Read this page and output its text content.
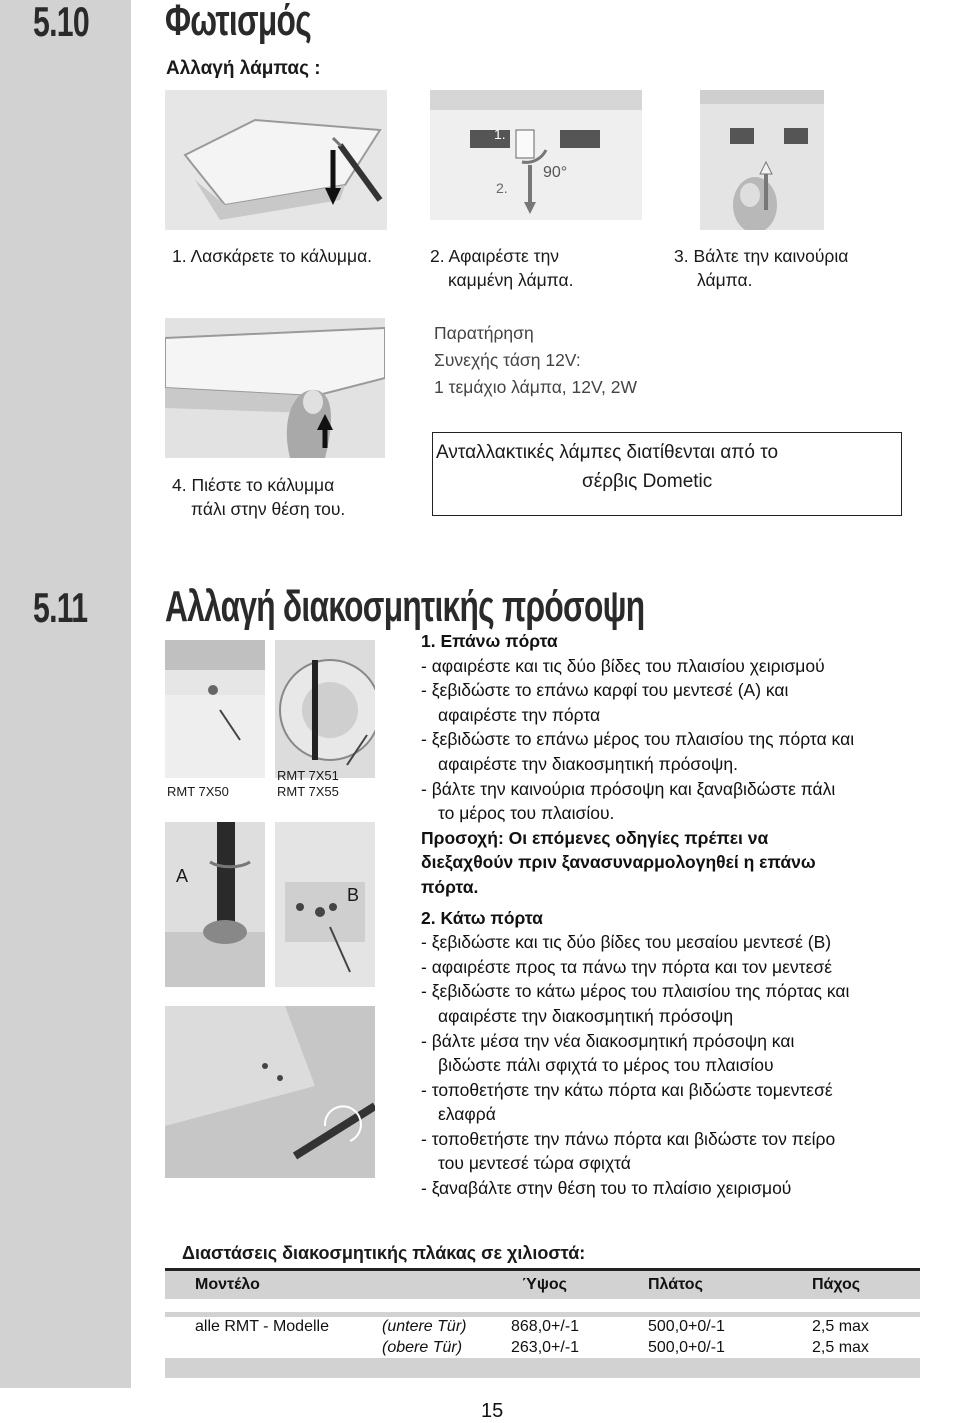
5.10 Φωτισμός
Αλλαγή λάμπας :
1.
2.
90°
1. Λασκάρετε το κάλυμμα.	2. Αφαιρέστε την
καμμένη λάμπα.
3. Βάλτε την καινούρια
λάμπα.
Παρατήρηση
Συνεχής τάση 12V:
1 τεμάχιο λάμπα, 12V, 2W
4. Πιέστε το κάλυμμα
πάλι στην θέση του.
Ανταλλακτικές λάμπες διατίθενται από το
σέρβις Dometic
5.11 Αλλαγή διακοσμητικής πρόσοψη
RMT 7X50
RMT 7X51
RMT 7X55
A
B
1. Επάνω πόρτα
- αφαιρέστε και τις δύο βίδες του πλαισίου χειρισμού
- ξεβιδώστε το επάνω καρφί του μεντεσέ (A) και
αφαιρέστε την πόρτα
- ξεβιδώστε το επάνω μέρος του πλαισίου της πόρτα και
αφαιρέστε την διακοσμητική πρόσοψη.
- βάλτε την καινούρια πρόσοψη και ξαναβιδώστε πάλι
το μέρος του πλαισίου.
Προσοχή: Οι επόμενες οδηγίες πρέπει να
διεξαχθούν πριν ξανασυναρμολογηθεί η επάνω
πόρτα.
2. Κάτω πόρτα
- ξεβιδώστε και τις δύο βίδες του μεσαίου μεντεσέ (B)
- αφαιρέστε προς τα πάνω την πόρτα και τον μεντεσέ
- ξεβιδώστε το κάτω μέρος του πλαισίου της πόρτας και
αφαιρέστε την διακοσμητική πρόσοψη
- βάλτε μέσα την νέα διακοσμητική πρόσοψη και
βιδώστε πάλι σφιχτά το μέρος του πλαισίου
- τοποθετήστε την κάτω πόρτα και βιδώστε τομεντεσέ
ελαφρά
- τοποθετήστε την πάνω πόρτα και βιδώστε τον πείρο
του μεντεσέ τώρα σφιχτά
- ξαναβάλτε στην θέση του το πλαίσιο χειρισμού
Διαστάσεις διακοσμητικής πλάκας σε χιλιοστά:
Μοντέλο	Ύψος	Πλάτος	Πάχος
alle RMT - Modelle	(untere Tür)	868,0+/-1	500,0+0/-1	2,5 max
(obere Tür)	263,0+/-1	500,0+0/-1	2,5 max
15
